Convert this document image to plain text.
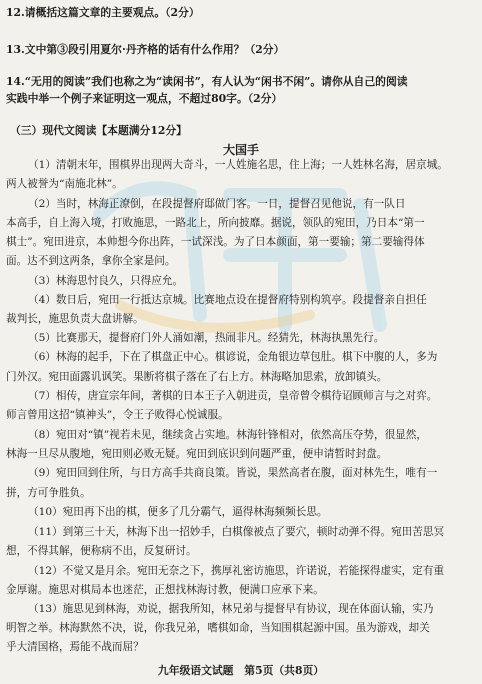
12.请概括这篇文章的主要观点。（2分）
13.文中第③段引用夏尔·丹齐格的话有什么作用？（2分）
14.“无用的阅读”我们也称之为“读闲书”，有人认为“闲书不闲”。请你从自己的阅读
实践中举一个例子来证明这一观点，不超过80字。（2分）
（三）现代文阅读【本题满分12分】
大国手
（1）清朝末年，围棋界出现两大奇斗，一人姓施名思，住上海；一人姓林名海，居京城。
两人被誉为“南施北林”。
（2）当时，林海正潦倒，在段提督府邸做门客。一日，提督召见他说，有一队日
本高手，自上海入境，打败施思，一路北上，所向披靡。据说，领队的宛田，乃日本“第一
棋士”。宛田进京，本帅想今你出阵，一试深浅。为了日本颜面，第一要输；第二要输得体
面。达不到这两条，拿你全家是问。
（3）林海思忖良久，只得应允。
（4）数日后，宛田一行抵达京城。比赛地点设在提督府特别构筑亭。段提督亲自担任
裁判长，施思负责大盘讲解。
（5）比赛那天，提督府门外人涌如潮，热闹非凡。经猜先，林海执黑先行。
（6）林海的起手，下在了棋盘正中心。棋谚说，金角银边草包肚。棋下中腹的人，多为
门外汉。宛田面露讥讽笑。果断将棋子落在了右上方。林海略加思索，放卸镇头。
（7）相传，唐宣宗年间，著棋的日本王子入朝进贡，皇帝曾令棋待诏顾师言与之对弈。
师言曾用这招“镇神头”，令王子败得心悦诚服。
（8）宛田对“镇”视若未见，继续贪占实地。林海针锋相对，依然高压夺势，很显然，
林海一旦尽从腹地，宛田则必败无疑。宛田到底识到问题严重，便申请暂时封盘。
（9）宛田回到住所，与日方高手共商良策。皆说，果然高者在腹，面对林先生，唯有一
拼，方可争胜负。
（10）宛田再下出的棋，便多了几分霸气，逼得林海频频长思。
（11）到第三十天，林海下出一招妙手，白棋像被点了要穴，顿时动弹不得。宛田苦思冥
想，不得其解，便称病不出，反复研讨。
（12）不觉又是月余。宛田无奈之下，携厚礼密访施思，许诺说，若能探得虚实，定有重
金厚谢。施思对棋局本也迷茫，正想找林海讨教，便满口应承下来。
（13）施思见到林海，劝说，据我所知，林兄弟与提督早有协议，现在体面认输，实乃
明智之举。林海默然不决，说，你我兄弟，嗜棋如命，当知围棋起源中国。虽为游戏，却关
乎大清国格，焉能不战而屈？
九年级语文试题　第5页（共8页）
